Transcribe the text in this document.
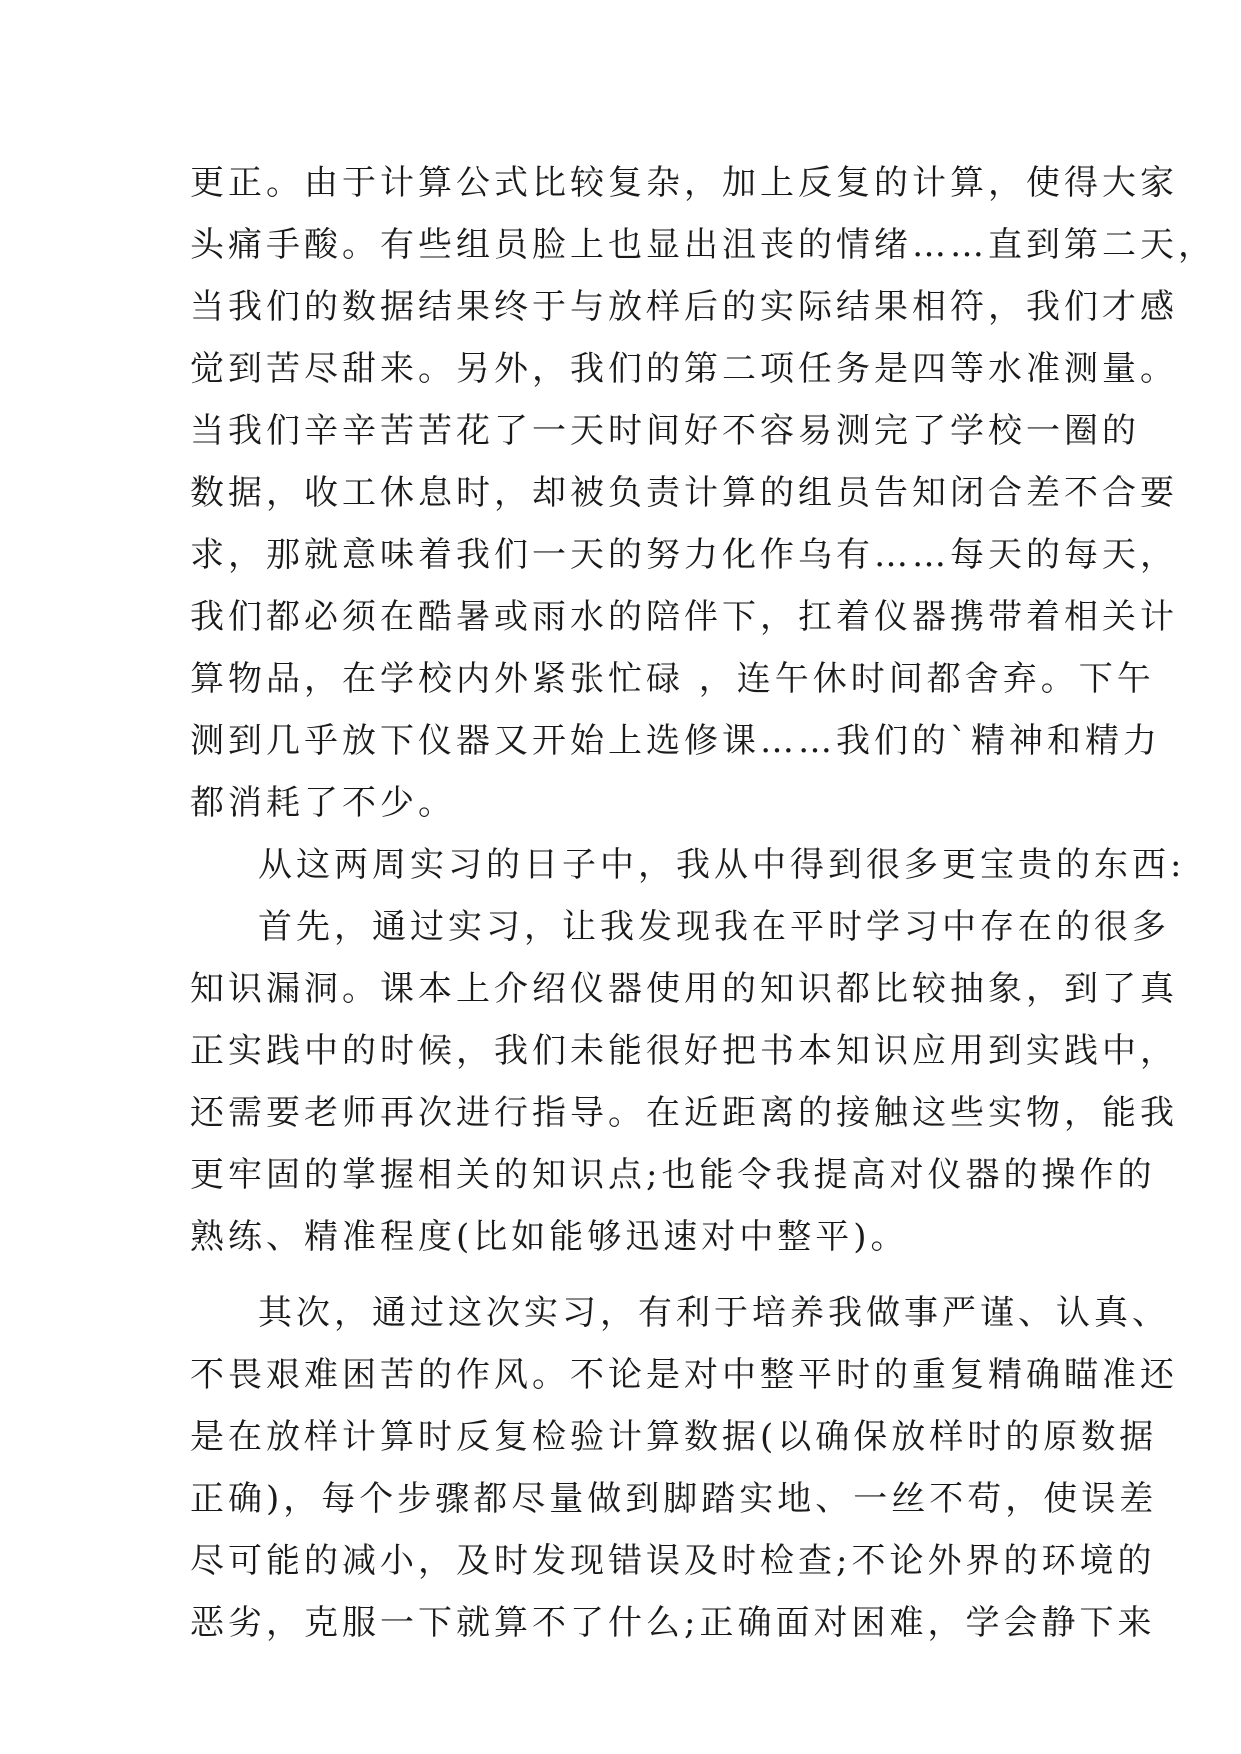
更正。由于计算公式比较复杂，加上反复的计算，使得大家
头痛手酸。有些组员脸上也显出沮丧的情绪……直到第二天，
当我们的数据结果终于与放样后的实际结果相符，我们才感
觉到苦尽甜来。另外，我们的第二项任务是四等水准测量。
当我们辛辛苦苦花了一天时间好不容易测完了学校一圈的
数据，收工休息时，却被负责计算的组员告知闭合差不合要
求，那就意味着我们一天的努力化作乌有……每天的每天，
我们都必须在酷暑或雨水的陪伴下，扛着仪器携带着相关计
算物品，在学校内外紧张忙碌 ，连午休时间都舍弃。下午
测到几乎放下仪器又开始上选修课……我们的`精神和精力
都消耗了不少。
从这两周实习的日子中，我从中得到很多更宝贵的东西:
首先，通过实习，让我发现我在平时学习中存在的很多
知识漏洞。课本上介绍仪器使用的知识都比较抽象，到了真
正实践中的时候，我们未能很好把书本知识应用到实践中，
还需要老师再次进行指导。在近距离的接触这些实物，能我
更牢固的掌握相关的知识点;也能令我提高对仪器的操作的
熟练、精准程度(比如能够迅速对中整平)。
其次，通过这次实习，有利于培养我做事严谨、认真、
不畏艰难困苦的作风。不论是对中整平时的重复精确瞄准还
是在放样计算时反复检验计算数据(以确保放样时的原数据
正确)，每个步骤都尽量做到脚踏实地、一丝不苟，使误差
尽可能的减小，及时发现错误及时检查;不论外界的环境的
恶劣，克服一下就算不了什么;正确面对困难，学会静下来
